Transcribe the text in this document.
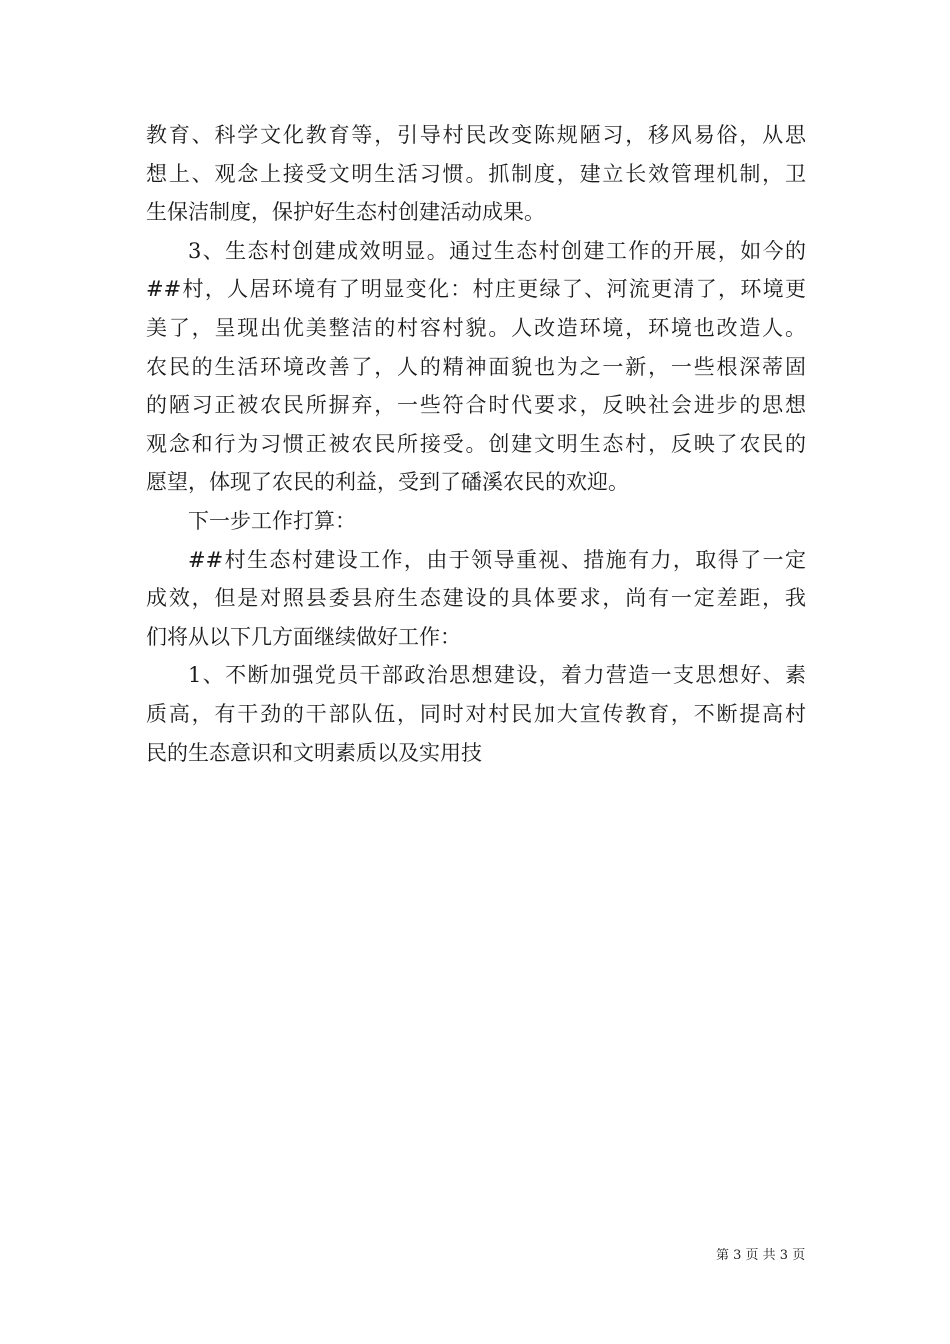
教育、科学文化教育等，引导村民改变陈规陋习，移风易俗，从思
想上、观念上接受文明生活习惯。抓制度，建立长效管理机制，卫
生保洁制度，保护好生态村创建活动成果。
3、生态村创建成效明显。通过生态村创建工作的开展，如今的
##村，人居环境有了明显变化：村庄更绿了、河流更清了，环境更
美了，呈现出优美整洁的村容村貌。人改造环境，环境也改造人。
农民的生活环境改善了，人的精神面貌也为之一新，一些根深蒂固
的陋习正被农民所摒弃，一些符合时代要求，反映社会进步的思想
观念和行为习惯正被农民所接受。创建文明生态村，反映了农民的
愿望，体现了农民的利益，受到了磻溪农民的欢迎。
下一步工作打算：
##村生态村建设工作，由于领导重视、措施有力，取得了一定
成效，但是对照县委县府生态建设的具体要求，尚有一定差距，我
们将从以下几方面继续做好工作：
1、不断加强党员干部政治思想建设，着力营造一支思想好、素
质高，有干劲的干部队伍，同时对村民加大宣传教育，不断提高村
民的生态意识和文明素质以及实用技
第 3 页 共 3 页
